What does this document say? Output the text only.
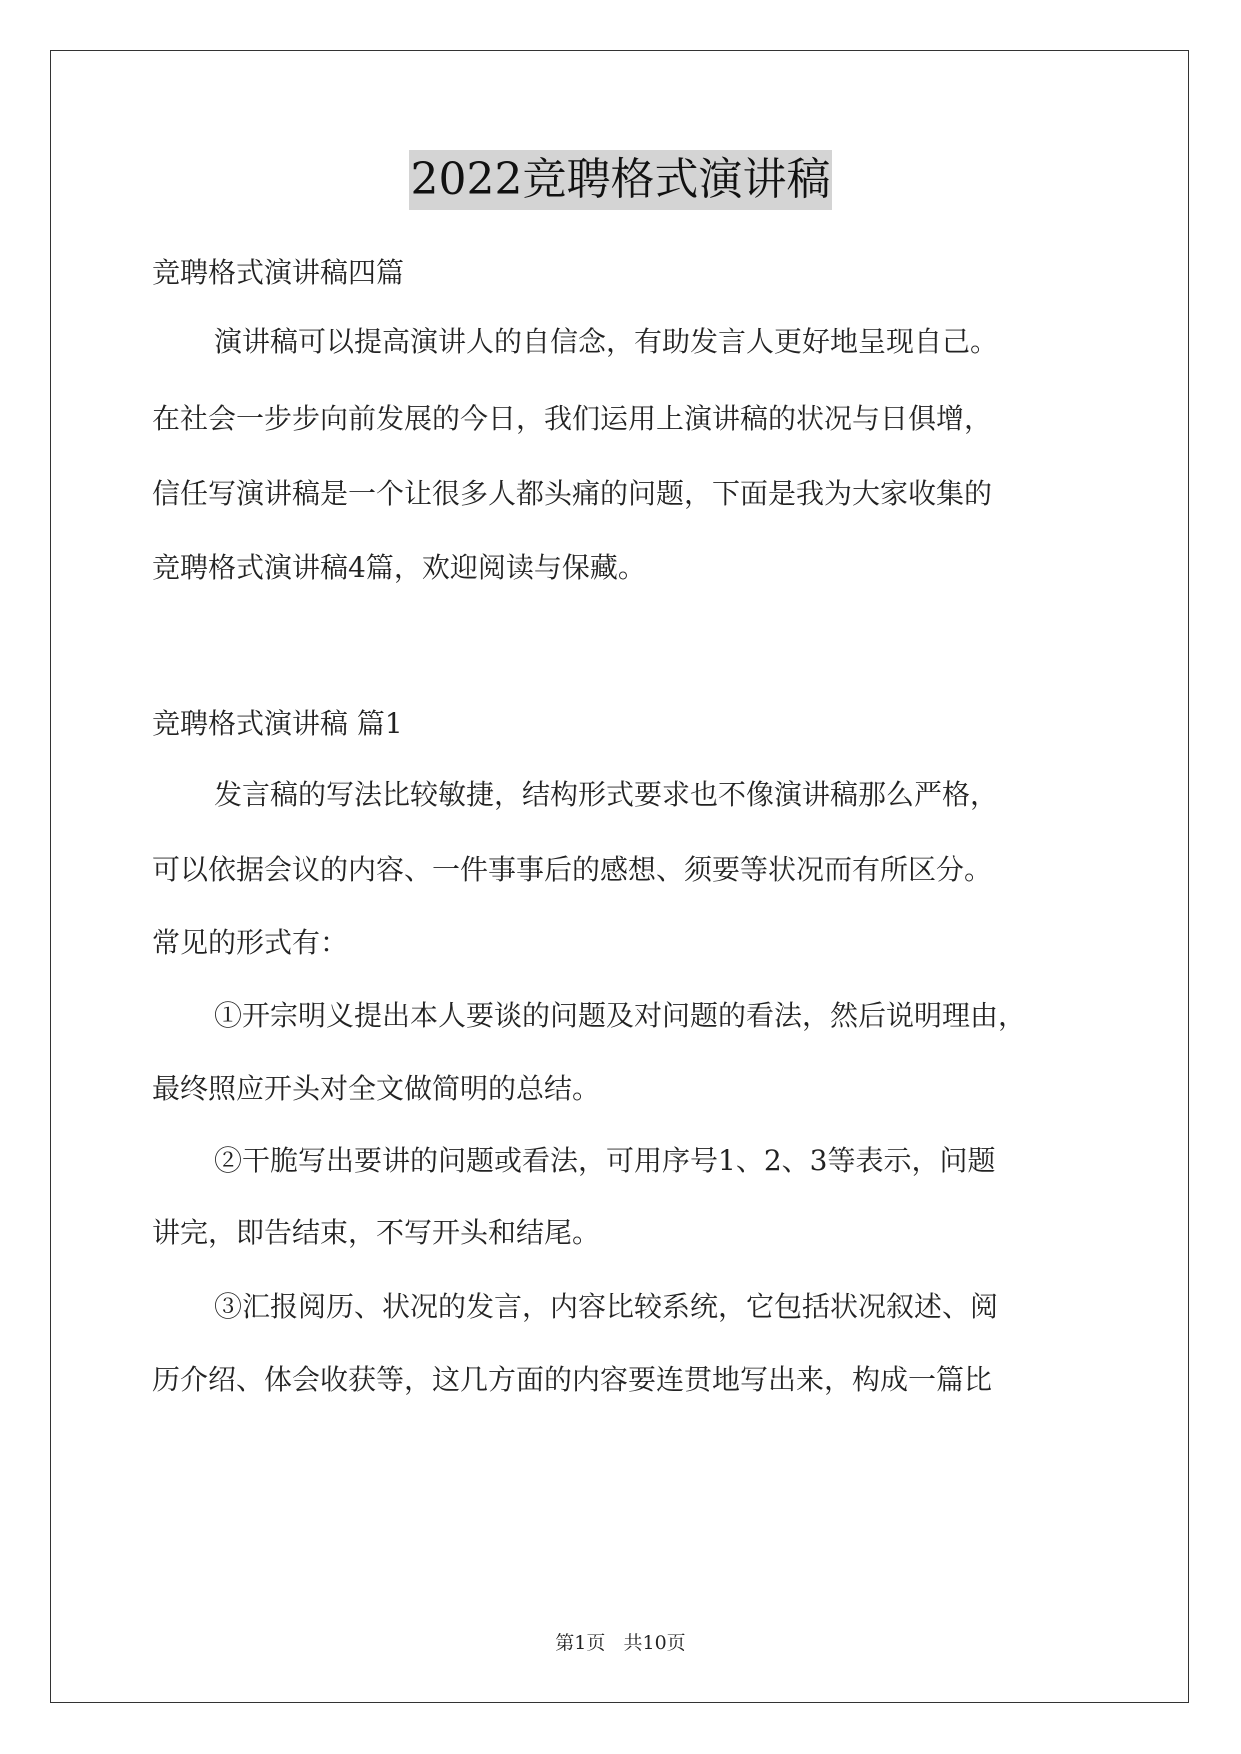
2022竞聘格式演讲稿
竞聘格式演讲稿四篇
演讲稿可以提高演讲人的自信念，有助发言人更好地呈现自己。
在社会一步步向前发展的今日，我们运用上演讲稿的状况与日俱增，
信任写演讲稿是一个让很多人都头痛的问题，下面是我为大家收集的
竞聘格式演讲稿4篇，欢迎阅读与保藏。
竞聘格式演讲稿 篇1
发言稿的写法比较敏捷，结构形式要求也不像演讲稿那么严格，
可以依据会议的内容、一件事事后的感想、须要等状况而有所区分。
常见的形式有：
①开宗明义提出本人要谈的问题及对问题的看法，然后说明理由，
最终照应开头对全文做简明的总结。
②干脆写出要讲的问题或看法，可用序号1、2、3等表示，问题
讲完，即告结束，不写开头和结尾。
③汇报阅历、状况的发言，内容比较系统，它包括状况叙述、阅
历介绍、体会收获等，这几方面的内容要连贯地写出来，构成一篇比
第1页   共10页
